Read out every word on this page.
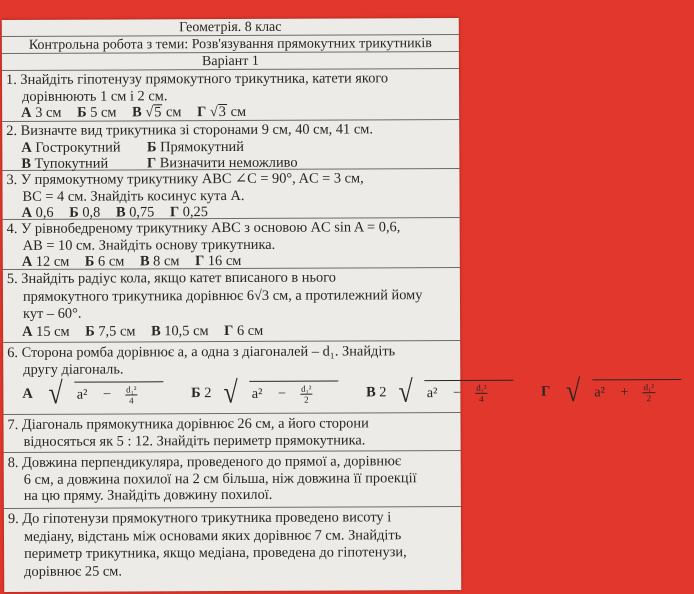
Геометрія. 8 клас
Контрольна робота з теми: Розв'язування прямокутних трикутників
Варіант 1

1. Знайдіть гіпотенузу прямокутного трикутника, катети якого

дорівнюють 1 см і 2 см.

А 3 см Б 5 см В √5 см Г √3 см

2. Визначте вид трикутника зі сторонами 9 см, 40 см, 41 см.

А Гострокутний Б Прямокутний

В Тупокутний	Г Визначити неможливо

3. У прямокутному трикутнику ABC ∠C = 90°, AC = 3 см,

BC = 4 см. Знайдіть косинус кута А.

А 0,6 Б 0,8 В 0,75 Г 0,25

4. У рівнобедреному трикутнику ABC з основою AC sin A = 0,6,

AB = 10 см. Знайдіть основу трикутника.

А 12 см Б 6 см В 8 см Г 16 см

5. Знайдіть радіус кола, якщо катет вписаного в нього

прямокутного трикутника дорівнює 6√3 см, а протилежний йому

кут – 60°.

А 15 см Б 7,5 см В 10,5 см Г 6 см

6. Сторона ромба дорівнює a, а одна з діагоналей – d₁. Знайдіть

другу діагональ.

А
√ a²
− $\frac{\text{d₁²}}{4}$
	Б
2 √ a²
− $\frac{\text{d₁²}}{2}$
	В
2 √ a²
− $\frac{\text{d₁²}}{4}$
	Г
√ a²
+ $\frac{\text{d₁²}}{2}$

7. Діагональ прямокутника дорівнює 26 см, а його сторони

відносяться як 5 : 12. Знайдіть периметр прямокутника.

8. Довжина перпендикуляра, проведеного до прямої a, дорівнює

6 см, а довжина похилої на 2 см більша, ніж довжина її проекції

на цю пряму. Знайдіть довжину похилої.

9. До гіпотенузи прямокутного трикутника проведено висоту і

медіану, відстань між основами яких дорівнює 7 см. Знайдіть

периметр трикутника, якщо медіана, проведена до гіпотенузи,

дорівнює 25 см.
